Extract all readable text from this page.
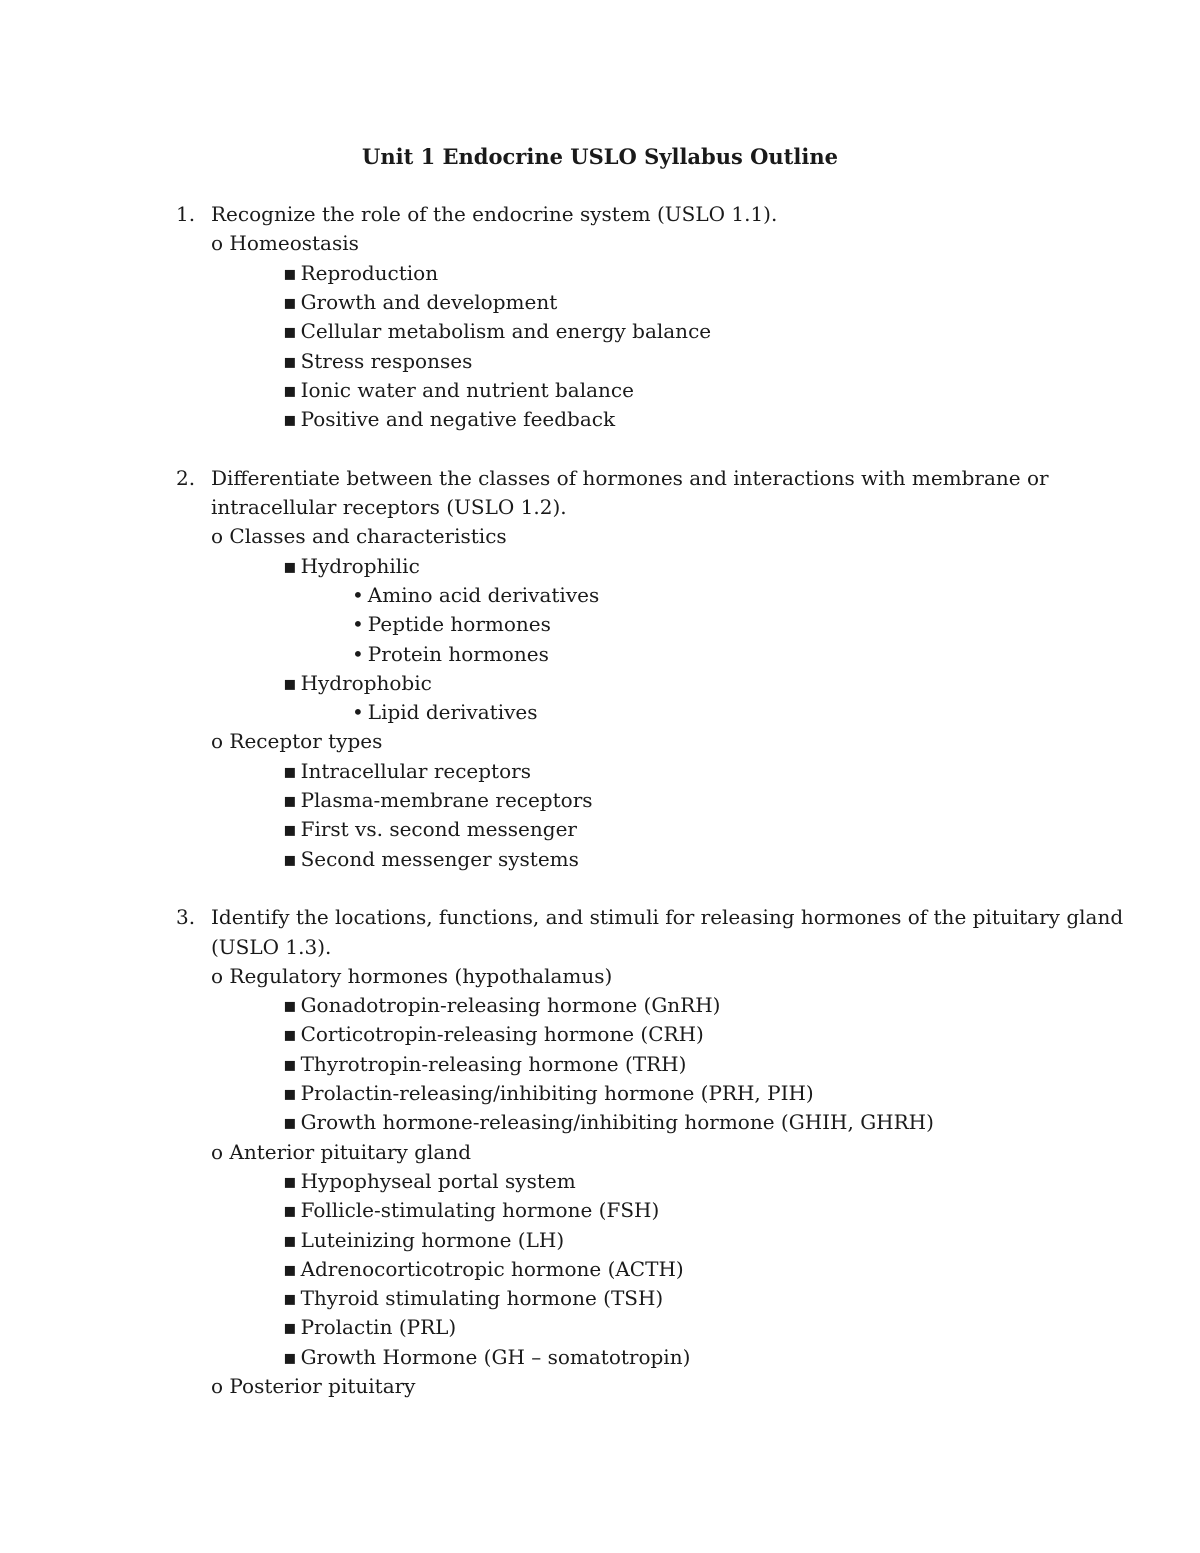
Unit 1 Endocrine USLO Syllabus Outline
1. Recognize the role of the endocrine system (USLO 1.1).
o Homeostasis
▪ Reproduction
▪ Growth and development
▪ Cellular metabolism and energy balance
▪ Stress responses
▪ Ionic water and nutrient balance
▪ Positive and negative feedback
2. Differentiate between the classes of hormones and interactions with membrane or
intracellular receptors (USLO 1.2).
o Classes and characteristics
▪ Hydrophilic
• Amino acid derivatives
• Peptide hormones
• Protein hormones
▪ Hydrophobic
• Lipid derivatives
o Receptor types
▪ Intracellular receptors
▪ Plasma-membrane receptors
▪ First vs. second messenger
▪ Second messenger systems
3. Identify the locations, functions, and stimuli for releasing hormones of the pituitary gland
(USLO 1.3).
o Regulatory hormones (hypothalamus)
▪ Gonadotropin-releasing hormone (GnRH)
▪ Corticotropin-releasing hormone (CRH)
▪ Thyrotropin-releasing hormone (TRH)
▪ Prolactin-releasing/inhibiting hormone (PRH, PIH)
▪ Growth hormone-releasing/inhibiting hormone (GHIH, GHRH)
o Anterior pituitary gland
▪ Hypophyseal portal system
▪ Follicle-stimulating hormone (FSH)
▪ Luteinizing hormone (LH)
▪ Adrenocorticotropic hormone (ACTH)
▪ Thyroid stimulating hormone (TSH)
▪ Prolactin (PRL)
▪ Growth Hormone (GH – somatotropin)
o Posterior pituitary
